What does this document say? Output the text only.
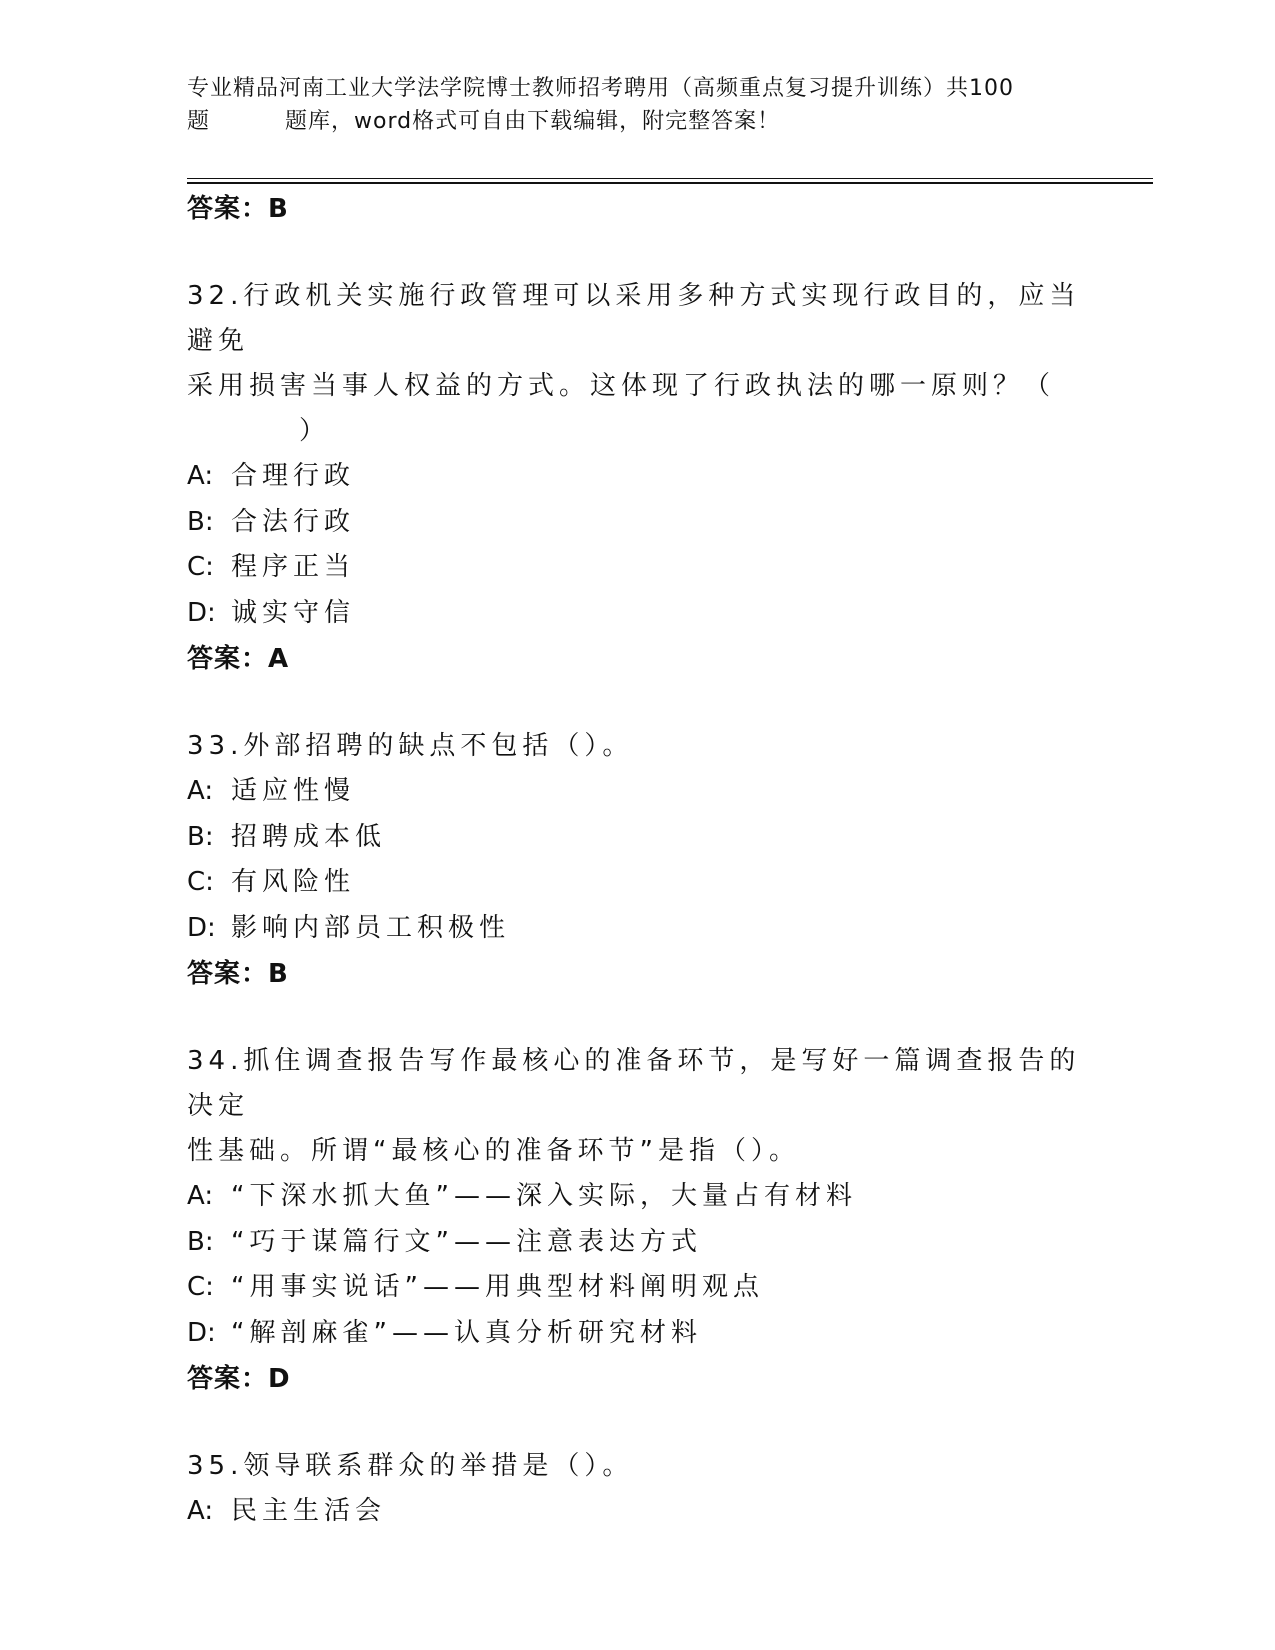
专业精品河南工业大学法学院博士教师招考聘用（高频重点复习提升训练）共100
题	题库，word格式可自由下载编辑，附完整答案！
答案：B
32.行政机关实施行政管理可以采用多种方式实现行政目的，应当避免
采用损害当事人权益的方式。这体现了行政执法的哪一原则？（
）
A: 合理行政
B: 合法行政
C: 程序正当
D: 诚实守信
答案：A
33.外部招聘的缺点不包括（）。
A: 适应性慢
B: 招聘成本低
C: 有风险性
D: 影响内部员工积极性
答案：B
34.抓住调查报告写作最核心的准备环节，是写好一篇调查报告的决定
性基础。所谓“最核心的准备环节”是指（）。
A: “下深水抓大鱼”——深入实际，大量占有材料
B: “巧于谋篇行文”——注意表达方式
C: “用事实说话”——用典型材料阐明观点
D: “解剖麻雀”——认真分析研究材料
答案：D
35.领导联系群众的举措是（）。
A: 民主生活会
